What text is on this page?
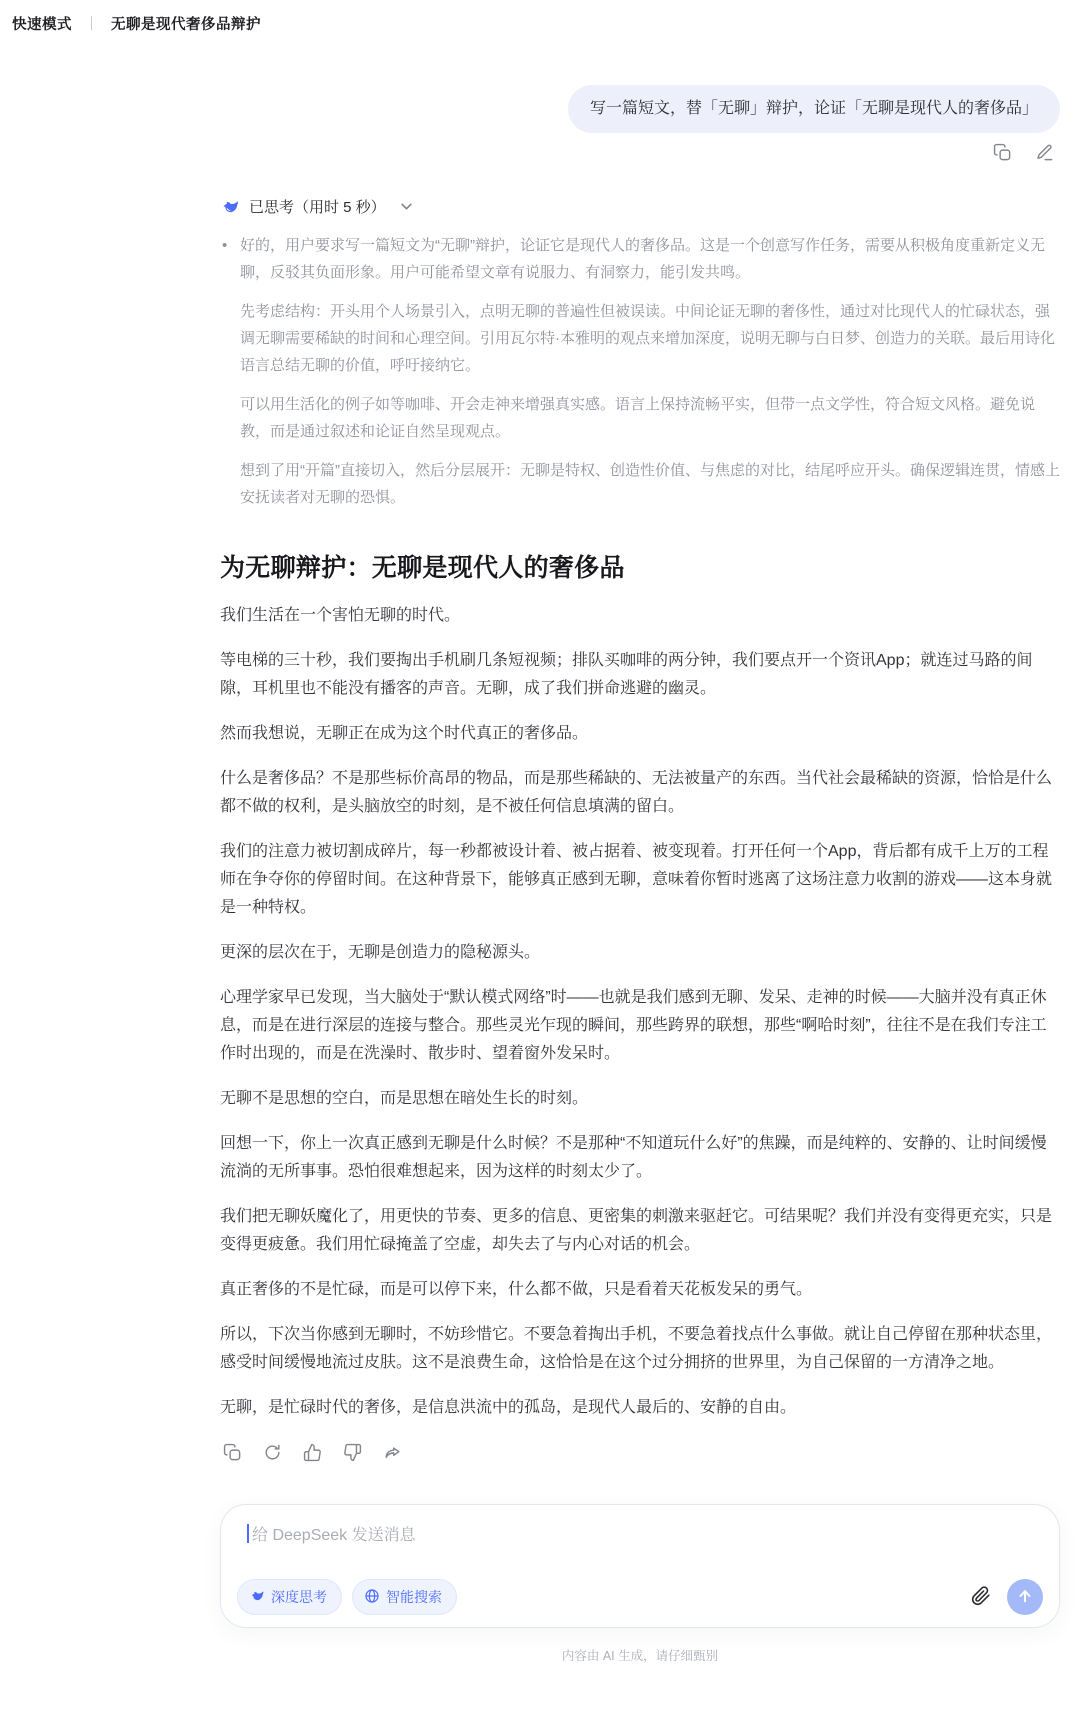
快速模式 ｜ 无聊是现代奢侈品辩护
写一篇短文，替「无聊」辩护，论证「无聊是现代人的奢侈品」
已思考（用时 5 秒）
• 好的，用户要求写一篇短文为“无聊”辩护，论证它是现代人的奢侈品。这是一个创意写作任务，需要从积极角度重新定义无聊，反驳其负面形象。用户可能希望文章有说服力、有洞察力，能引发共鸣。

先考虑结构：开头用个人场景引入，点明无聊的普遍性但被误读。中间论证无聊的奢侈性，通过对比现代人的忙碌状态，强调无聊需要稀缺的时间和心理空间。引用瓦尔特·本雅明的观点来增加深度，说明无聊与白日梦、创造力的关联。最后用诗化语言总结无聊的价值，呼吁接纳它。

可以用生活化的例子如等咖啡、开会走神来增强真实感。语言上保持流畅平实，但带一点文学性，符合短文风格。避免说教，而是通过叙述和论证自然呈现观点。

想到了用“开篇”直接切入，然后分层展开：无聊是特权、创造性价值、与焦虑的对比，结尾呼应开头。确保逻辑连贯，情感上安抚读者对无聊的恐惧。

为无聊辩护：无聊是现代人的奢侈品

我们生活在一个害怕无聊的时代。

等电梯的三十秒，我们要掏出手机刷几条短视频；排队买咖啡的两分钟，我们要点开一个资讯App；就连过马路的间隙，耳机里也不能没有播客的声音。无聊，成了我们拼命逃避的幽灵。

然而我想说，无聊正在成为这个时代真正的奢侈品。

什么是奢侈品？不是那些标价高昂的物品，而是那些稀缺的、无法被量产的东西。当代社会最稀缺的资源，恰恰是什么都不做的权利，是头脑放空的时刻，是不被任何信息填满的留白。

我们的注意力被切割成碎片，每一秒都被设计着、被占据着、被变现着。打开任何一个App，背后都有成千上万的工程师在争夺你的停留时间。在这种背景下，能够真正感到无聊，意味着你暂时逃离了这场注意力收割的游戏——这本身就是一种特权。

更深的层次在于，无聊是创造力的隐秘源头。

心理学家早已发现，当大脑处于“默认模式网络”时——也就是我们感到无聊、发呆、走神的时候——大脑并没有真正休息，而是在进行深层的连接与整合。那些灵光乍现的瞬间，那些跨界的联想，那些“啊哈时刻”，往往不是在我们专注工作时出现的，而是在洗澡时、散步时、望着窗外发呆时。

无聊不是思想的空白，而是思想在暗处生长的时刻。

回想一下，你上一次真正感到无聊是什么时候？不是那种“不知道玩什么好”的焦躁，而是纯粹的、安静的、让时间缓慢流淌的无所事事。恐怕很难想起来，因为这样的时刻太少了。

我们把无聊妖魔化了，用更快的节奏、更多的信息、更密集的刺激来驱赶它。可结果呢？我们并没有变得更充实，只是变得更疲惫。我们用忙碌掩盖了空虚，却失去了与内心对话的机会。

真正奢侈的不是忙碌，而是可以停下来，什么都不做，只是看着天花板发呆的勇气。

所以，下次当你感到无聊时，不妨珍惜它。不要急着掏出手机，不要急着找点什么事做。就让自己停留在那种状态里，感受时间缓慢地流过皮肤。这不是浪费生命，这恰恰是在这个过分拥挤的世界里，为自己保留的一方清净之地。

无聊，是忙碌时代的奢侈，是信息洪流中的孤岛，是现代人最后的、安静的自由。

给 DeepSeek 发送消息
深度思考	智能搜索
内容由 AI 生成，请仔细甄别
